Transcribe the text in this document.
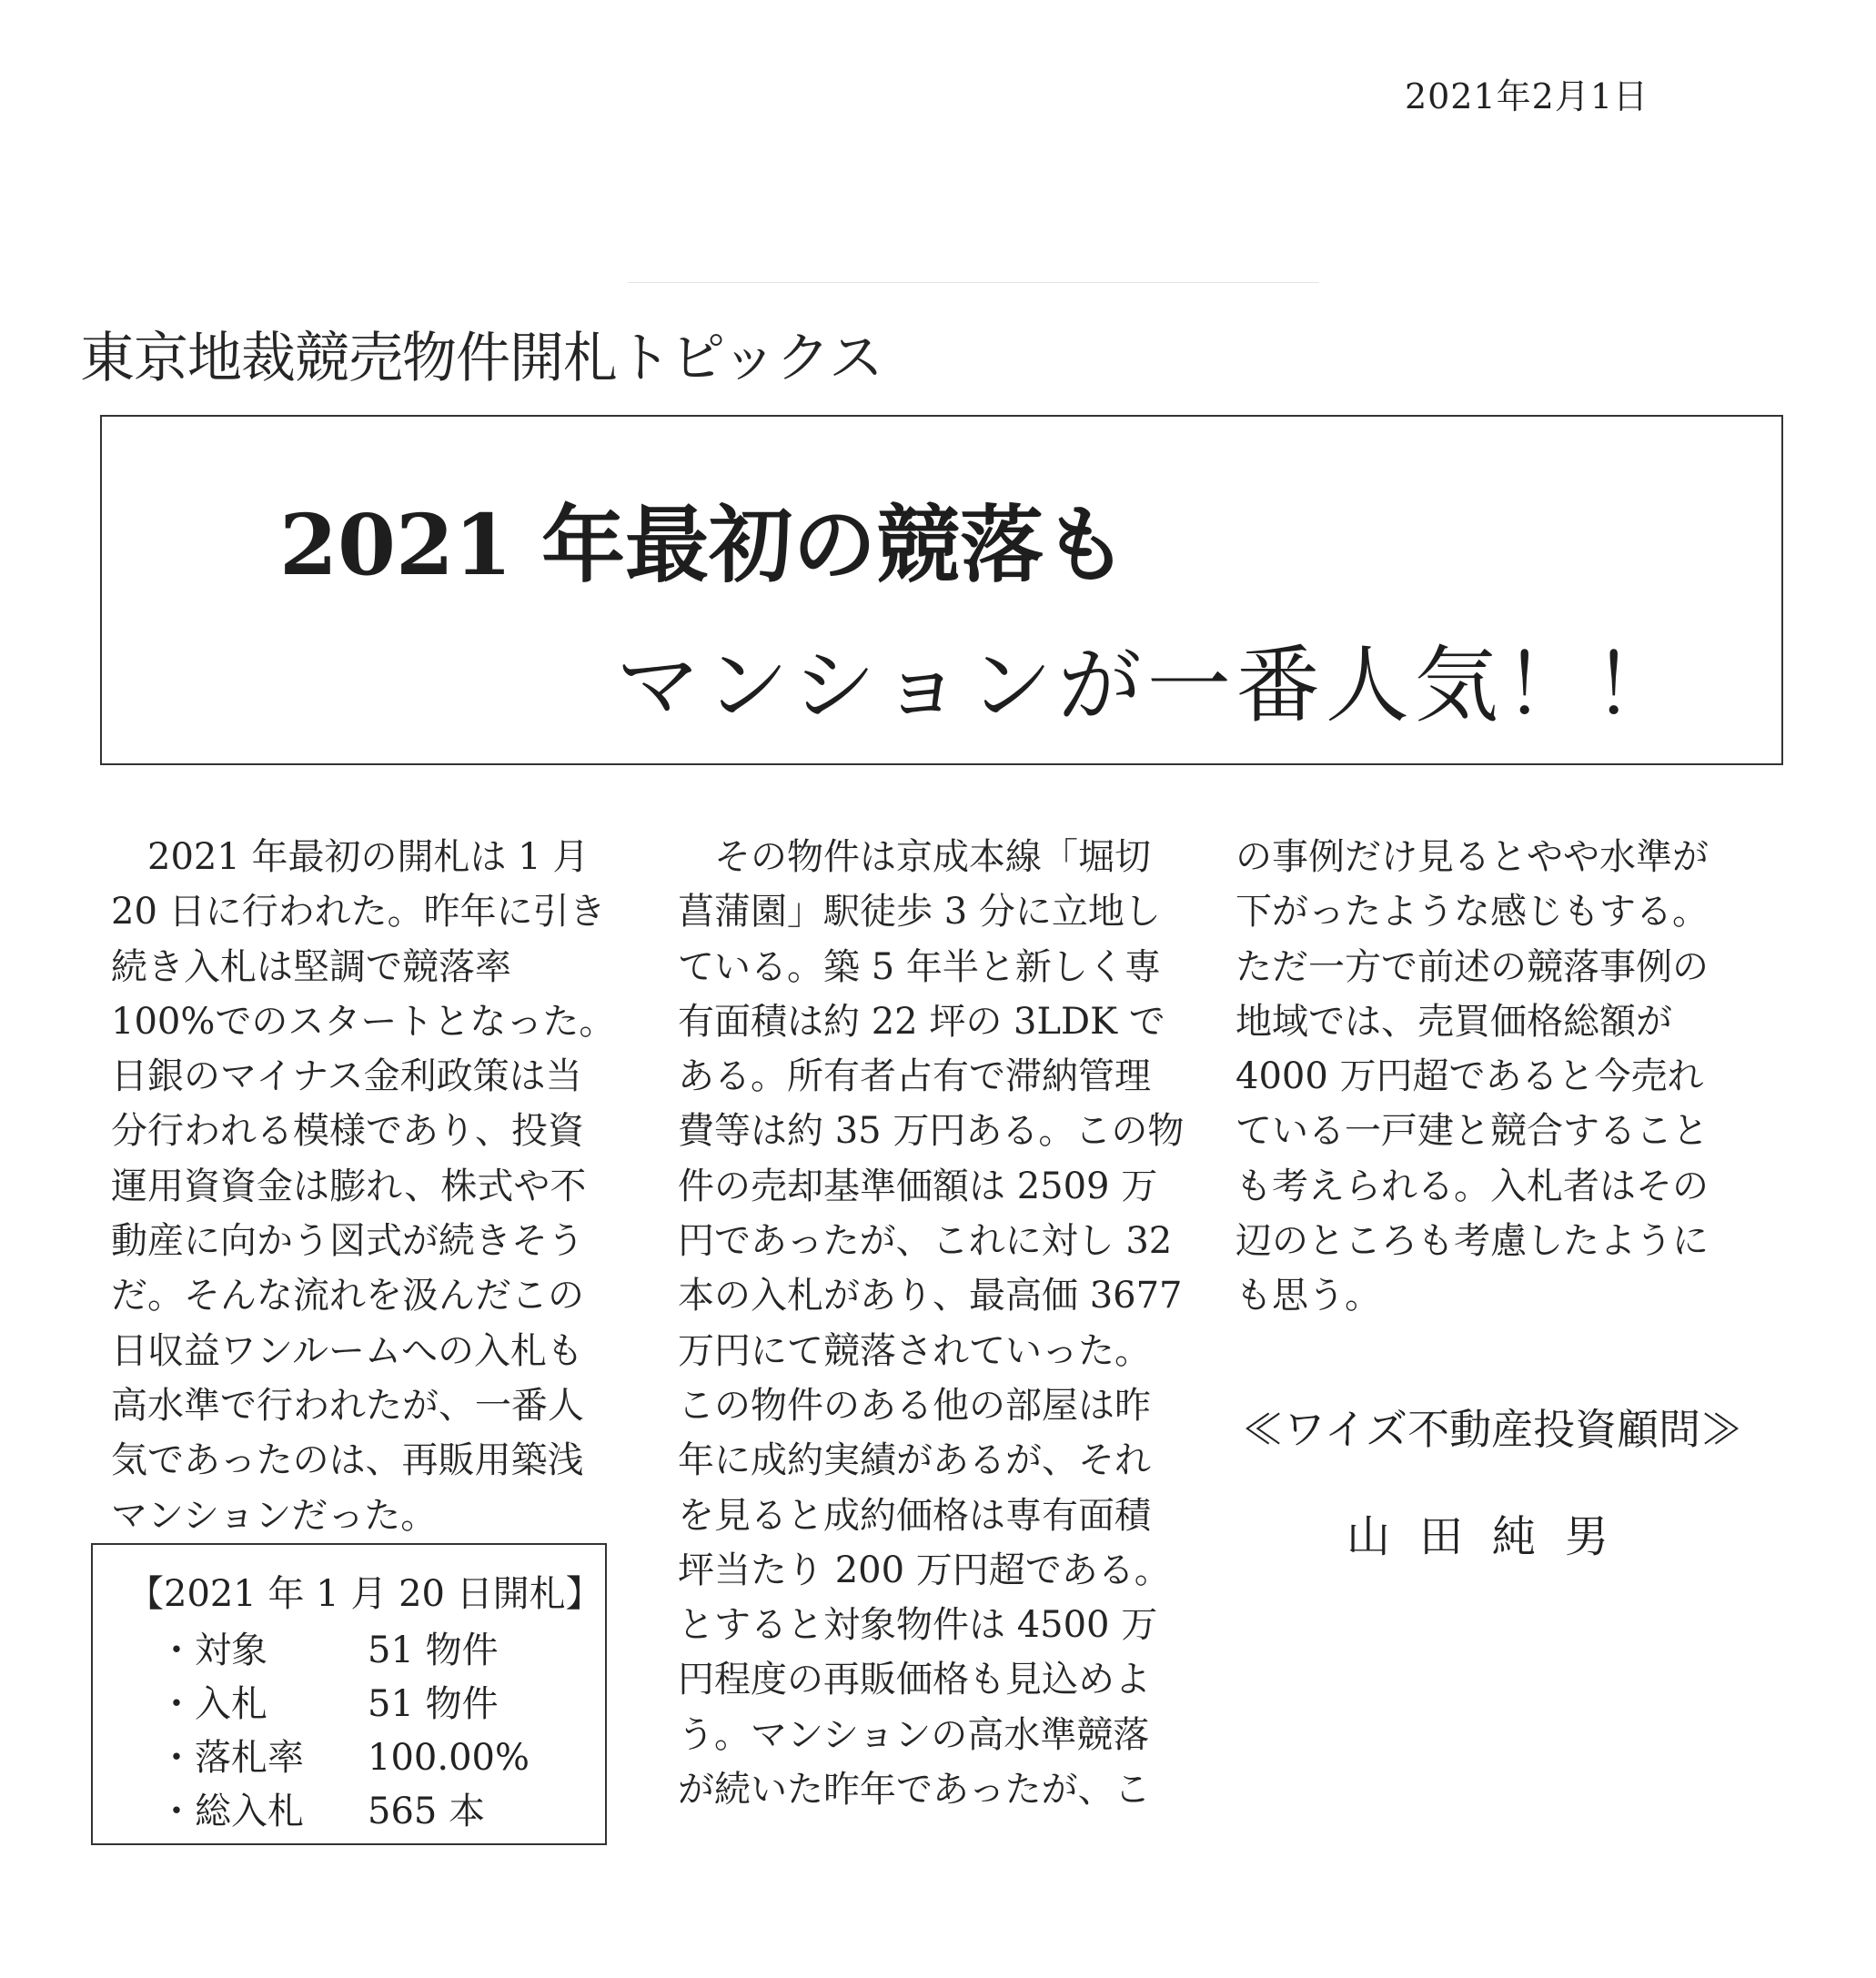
2021年2月1日
東京地裁競売物件開札トピックス
2021 年最初の競落も
マンションが一番人気！！
　2021 年最初の開札は 1 月
20 日に行われた。昨年に引き
続き入札は堅調で競落率
100%でのスタートとなった。
日銀のマイナス金利政策は当
分行われる模様であり、投資
運用資資金は膨れ、株式や不
動産に向かう図式が続きそう
だ。そんな流れを汲んだこの
日収益ワンルームへの入札も
高水準で行われたが、一番人
気であったのは、再販用築浅
マンションだった。
　その物件は京成本線「堀切
菖蒲園」駅徒歩 3 分に立地し
ている。築 5 年半と新しく専
有面積は約 22 坪の 3LDK で
ある。所有者占有で滞納管理
費等は約 35 万円ある。この物
件の売却基準価額は 2509 万
円であったが、これに対し 32
本の入札があり、最高価 3677
万円にて競落されていった。
この物件のある他の部屋は昨
年に成約実績があるが、それ
を見ると成約価格は専有面積
坪当たり 200 万円超である。
とすると対象物件は 4500 万
円程度の再販価格も見込めよ
う。マンションの高水準競落
が続いた昨年であったが、こ
の事例だけ見るとやや水準が
下がったような感じもする。
ただ一方で前述の競落事例の
地域では、売買価格総額が
4000 万円超であると今売れ
ている一戸建と競合すること
も考えられる。入札者はその
辺のところも考慮したように
も思う。
【2021 年 1 月 20 日開札】
・対象	51 物件
・入札	51 物件
・落札率 100.00%
・総入札 565 本
≪ワイズ不動産投資顧問≫
山田純男
